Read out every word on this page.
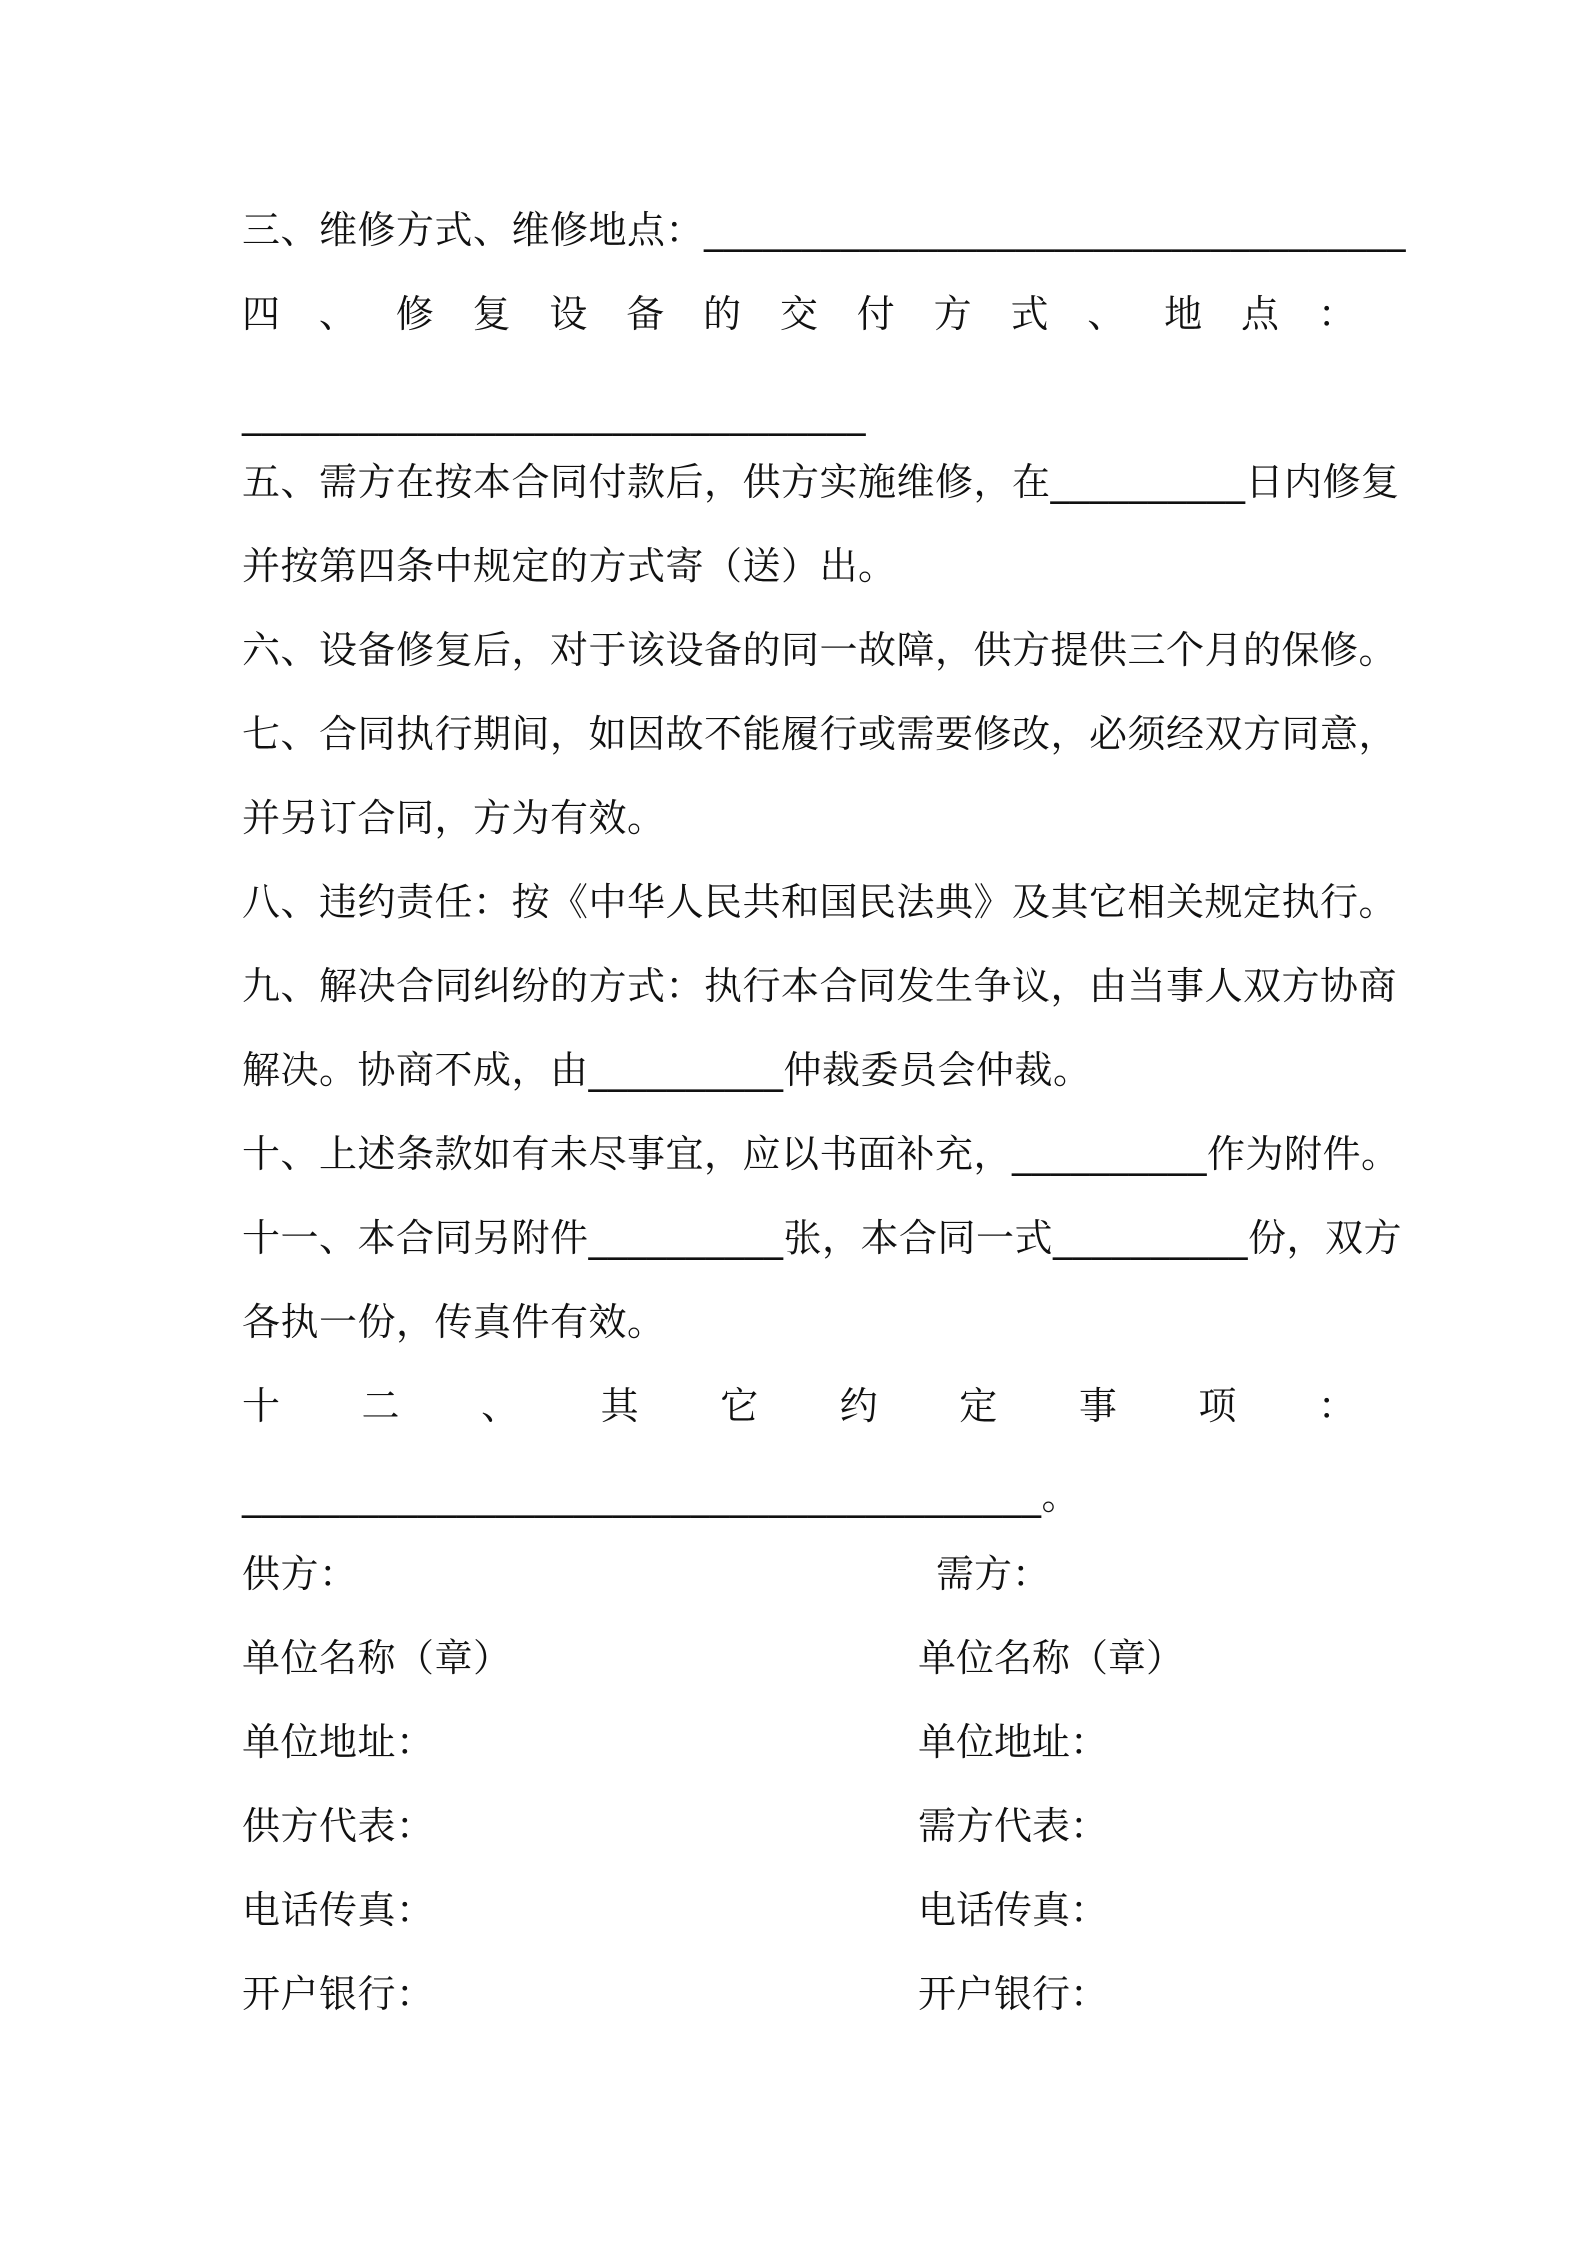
三、维修方式、维修地点：____________________________________
四 、 修 复 设 备 的 交 付 方 式 、 地 点 ：
________________________________
五、需方在按本合同付款后，供方实施维修，在__________日内修复
并按第四条中规定的方式寄（送）出。
六、设备修复后，对于该设备的同一故障，供方提供三个月的保修。
七、合同执行期间，如因故不能履行或需要修改，必须经双方同意，
并另订合同，方为有效。
八、违约责任：按《中华人民共和国民法典》及其它相关规定执行。
九、解决合同纠纷的方式：执行本合同发生争议，由当事人双方协商
解决。协商不成，由__________仲裁委员会仲裁。
十、上述条款如有未尽事宜，应以书面补充，__________作为附件。
十一、本合同另附件__________张，本合同一式__________份，双方
各执一份，传真件有效。
十 二 、 其 它 约 定 事 项 ：
_________________________________________。
供方：
单位名称（章）
单位地址：
供方代表：
电话传真：
开户银行：
需方：
单位名称（章）
单位地址：
需方代表：
电话传真：
开户银行：
